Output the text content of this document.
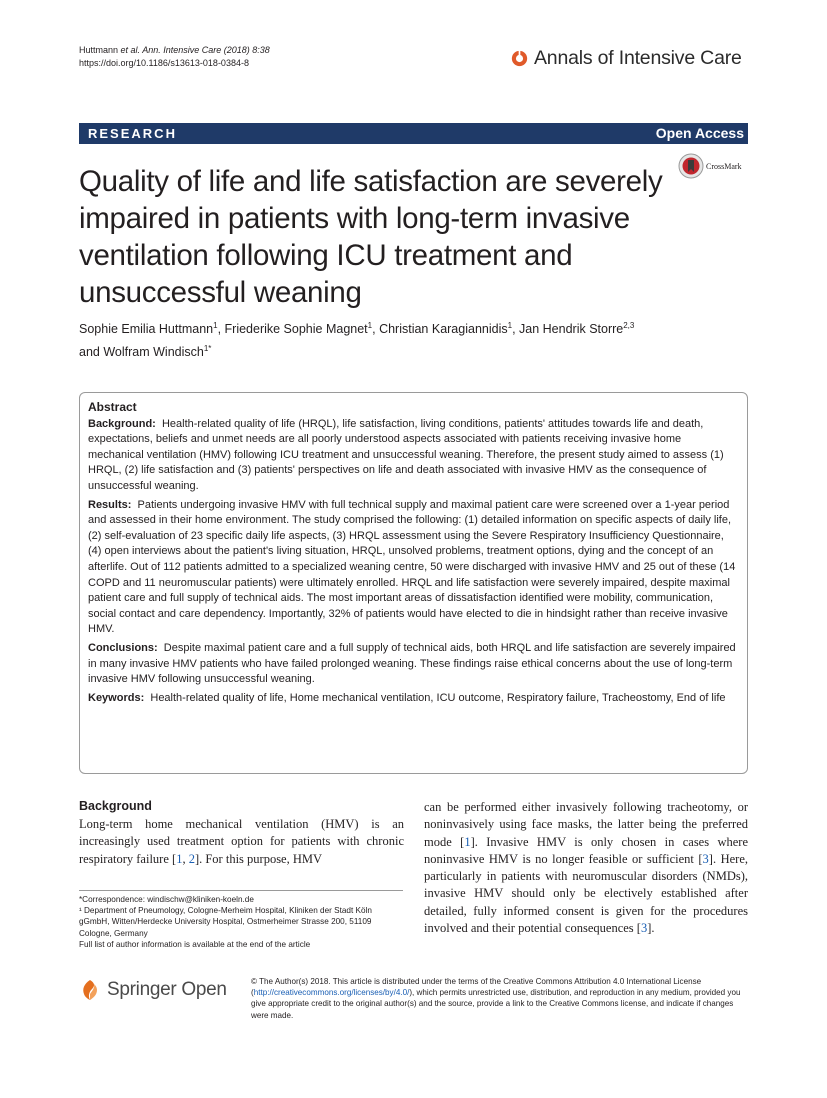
Huttmann et al. Ann. Intensive Care (2018) 8:38
https://doi.org/10.1186/s13613-018-0384-8	Annals of Intensive Care
RESEARCH	Open Access
CrossMark
Quality of life and life satisfaction are severely impaired in patients with long-term invasive ventilation following ICU treatment and unsuccessful weaning
Sophie Emilia Huttmann$^1$, Friederike Sophie Magnet$^1$, Christian Karagiannidis$^1$, Jan Hendrik Storre$^{2,3}$
and Wolfram Windisch$^{1*}$

Abstract

Background: Health-related quality of life (HRQL), life satisfaction, living conditions, patients' attitudes towards life and death, expectations, beliefs and unmet needs are all poorly understood aspects associated with patients receiving invasive home mechanical ventilation (HMV) following ICU treatment and unsuccessful weaning. Therefore, the present study aimed to assess (1) HRQL, (2) life satisfaction and (3) patients' perspectives on life and death associated with invasive HMV as the consequence of unsuccessful weaning.

Results: Patients undergoing invasive HMV with full technical supply and maximal patient care were screened over a 1-year period and assessed in their home environment. The study comprised the following: (1) detailed information on specific aspects of daily life, (2) self-evaluation of 23 specific daily life aspects, (3) HRQL assessment using the Severe Respiratory Insufficiency Questionnaire, (4) open interviews about the patient's living situation, HRQL, unsolved problems, treatment options, dying and the concept of an afterlife. Out of 112 patients admitted to a specialized weaning centre, 50 were discharged with invasive HMV and 25 out of these (14 COPD and 11 neuromuscular patients) were ultimately enrolled. HRQL and life satisfaction were severely impaired, despite maximal patient care and full supply of technical aids. The most important areas of dissatisfaction identified were mobility, communication, social contact and care dependency. Importantly, 32% of patients would have elected to die in hindsight rather than receive invasive HMV.

Conclusions: Despite maximal patient care and a full supply of technical aids, both HRQL and life satisfaction are severely impaired in many invasive HMV patients who have failed prolonged weaning. These findings raise ethical concerns about the use of long-term invasive HMV following unsuccessful weaning.

Keywords: Health-related quality of life, Home mechanical ventilation, ICU outcome, Respiratory failure, Tracheostomy, End of life

Background
Long-term home mechanical ventilation (HMV) is an increasingly used treatment option for patients with chronic respiratory failure [1, 2]. For this purpose, HMV
can be performed either invasively following tracheotomy, or noninvasively using face masks, the latter being the preferred mode [1]. Invasive HMV is only chosen in cases where noninvasive HMV is no longer feasible or sufficient [3]. Here, particularly in patients with neuromuscular disorders (NMDs), invasive HMV should only be electively established after detailed, fully informed consent is given for the procedures involved and their potential consequences [3].
*Correspondence: windischw@kliniken-koeln.de
¹ Department of Pneumology, Cologne-Merheim Hospital, Kliniken der Stadt Köln gGmbH, Witten/Herdecke University Hospital, Ostmerheimer Strasse 200, 51109 Cologne, Germany
Full list of author information is available at the end of the article
Springer Open	© The Author(s) 2018. This article is distributed under the terms of the Creative Commons Attribution 4.0 International License (http://creativecommons.org/licenses/by/4.0/), which permits unrestricted use, distribution, and reproduction in any medium, provided you give appropriate credit to the original author(s) and the source, provide a link to the Creative Commons license, and indicate if changes were made.
